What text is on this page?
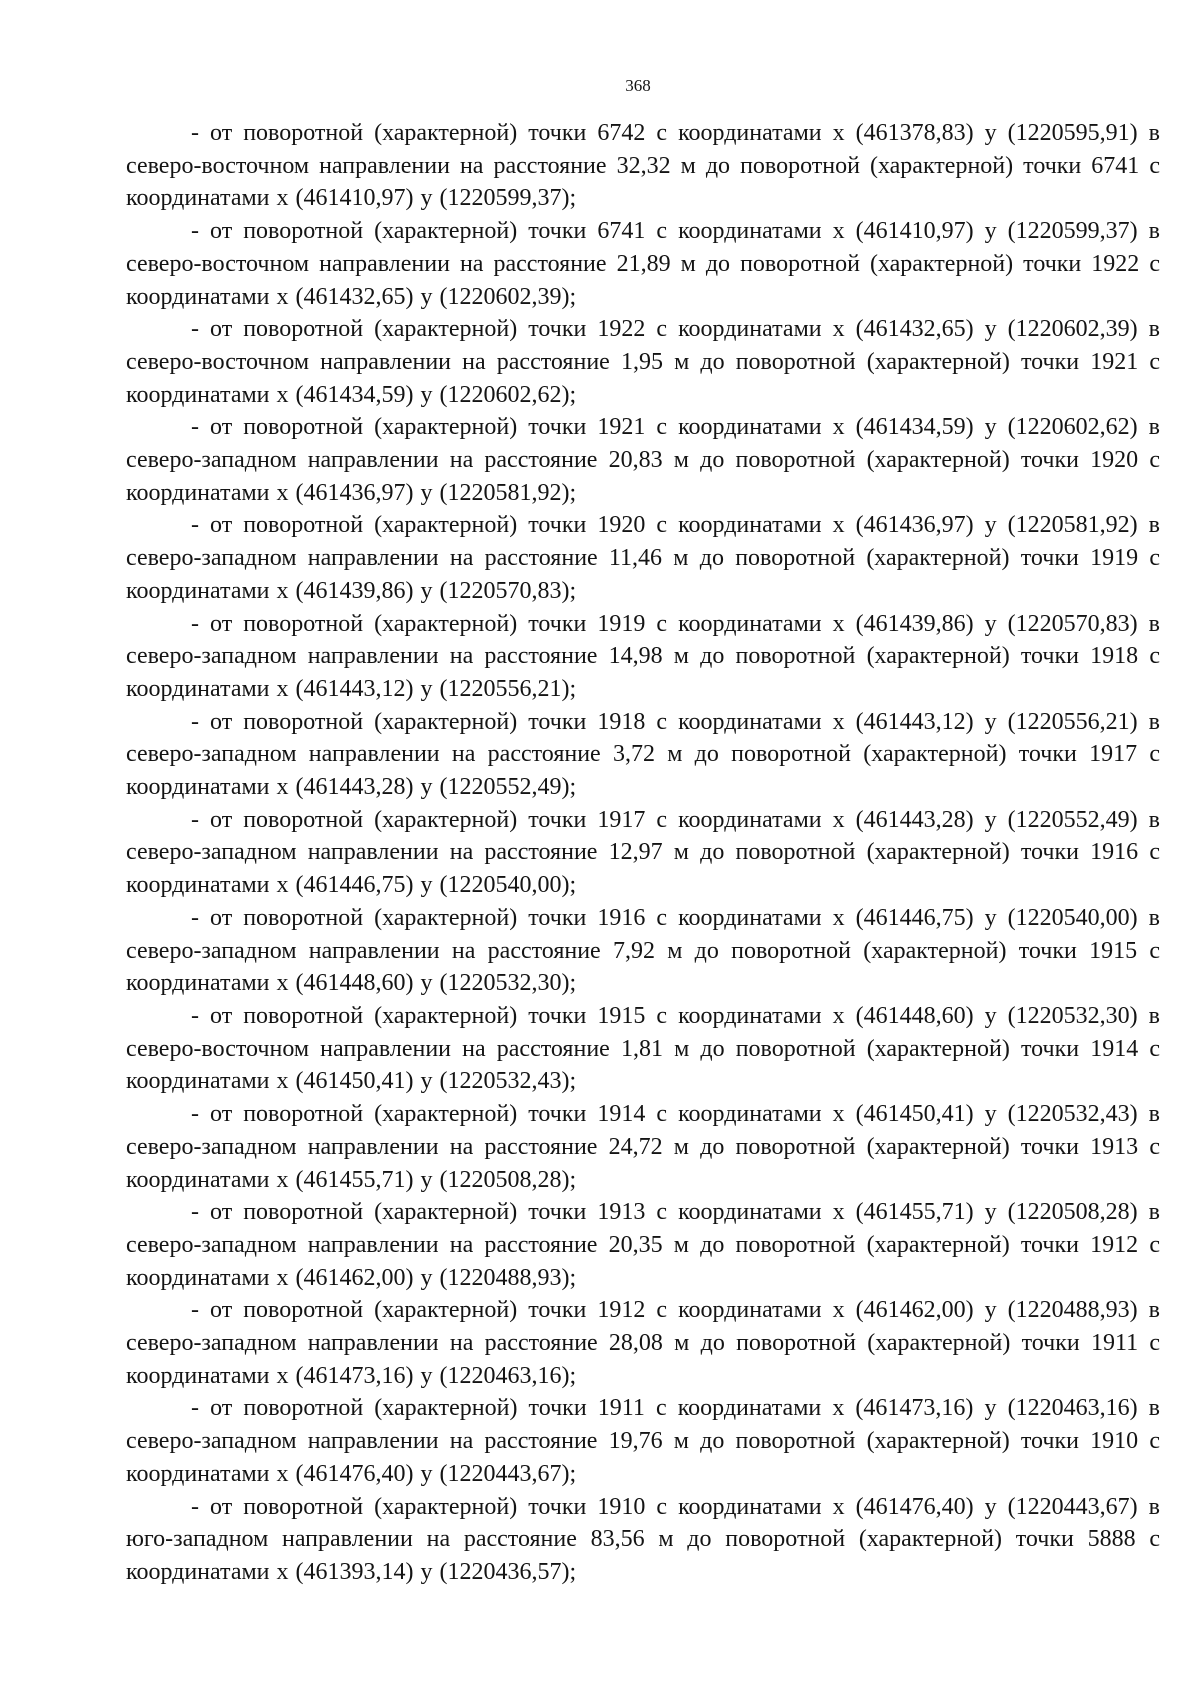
368

- от поворотной (характерной) точки 6742 с координатами х (461378,83) у (1220595,91) в северо-восточном направлении на расстояние 32,32 м до поворотной (характерной) точки 6741 с координатами х (461410,97) у (1220599,37);

- от поворотной (характерной) точки 6741 с координатами х (461410,97) у (1220599,37) в северо-восточном направлении на расстояние 21,89 м до поворотной (характерной) точки 1922 с координатами х (461432,65) у (1220602,39);

- от поворотной (характерной) точки 1922 с координатами х (461432,65) у (1220602,39) в северо-восточном направлении на расстояние 1,95 м до поворотной (характерной) точки 1921 с координатами х (461434,59) у (1220602,62);

- от поворотной (характерной) точки 1921 с координатами х (461434,59) у (1220602,62) в северо-западном направлении на расстояние 20,83 м до поворотной (характерной) точки 1920 с координатами х (461436,97) у (1220581,92);

- от поворотной (характерной) точки 1920 с координатами х (461436,97) у (1220581,92) в северо-западном направлении на расстояние 11,46 м до поворотной (характерной) точки 1919 с координатами х (461439,86) у (1220570,83);

- от поворотной (характерной) точки 1919 с координатами х (461439,86) у (1220570,83) в северо-западном направлении на расстояние 14,98 м до поворотной (характерной) точки 1918 с координатами х (461443,12) у (1220556,21);

- от поворотной (характерной) точки 1918 с координатами х (461443,12) у (1220556,21) в северо-западном направлении на расстояние 3,72 м до поворотной (характерной) точки 1917 с координатами х (461443,28) у (1220552,49);

- от поворотной (характерной) точки 1917 с координатами х (461443,28) у (1220552,49) в северо-западном направлении на расстояние 12,97 м до поворотной (характерной) точки 1916 с координатами х (461446,75) у (1220540,00);

- от поворотной (характерной) точки 1916 с координатами х (461446,75) у (1220540,00) в северо-западном направлении на расстояние 7,92 м до поворотной (характерной) точки 1915 с координатами х (461448,60) у (1220532,30);

- от поворотной (характерной) точки 1915 с координатами х (461448,60) у (1220532,30) в северо-восточном направлении на расстояние 1,81 м до поворотной (характерной) точки 1914 с координатами х (461450,41) у (1220532,43);

- от поворотной (характерной) точки 1914 с координатами х (461450,41) у (1220532,43) в северо-западном направлении на расстояние 24,72 м до поворотной (характерной) точки 1913 с координатами х (461455,71) у (1220508,28);

- от поворотной (характерной) точки 1913 с координатами х (461455,71) у (1220508,28) в северо-западном направлении на расстояние 20,35 м до поворотной (характерной) точки 1912 с координатами х (461462,00) у (1220488,93);

- от поворотной (характерной) точки 1912 с координатами х (461462,00) у (1220488,93) в северо-западном направлении на расстояние 28,08 м до поворотной (характерной) точки 1911 с координатами х (461473,16) у (1220463,16);

- от поворотной (характерной) точки 1911 с координатами х (461473,16) у (1220463,16) в северо-западном направлении на расстояние 19,76 м до поворотной (характерной) точки 1910 с координатами х (461476,40) у (1220443,67);

- от поворотной (характерной) точки 1910 с координатами х (461476,40) у (1220443,67) в юго-западном направлении на расстояние 83,56 м до поворотной (характерной) точки 5888 с координатами х (461393,14) у (1220436,57);
